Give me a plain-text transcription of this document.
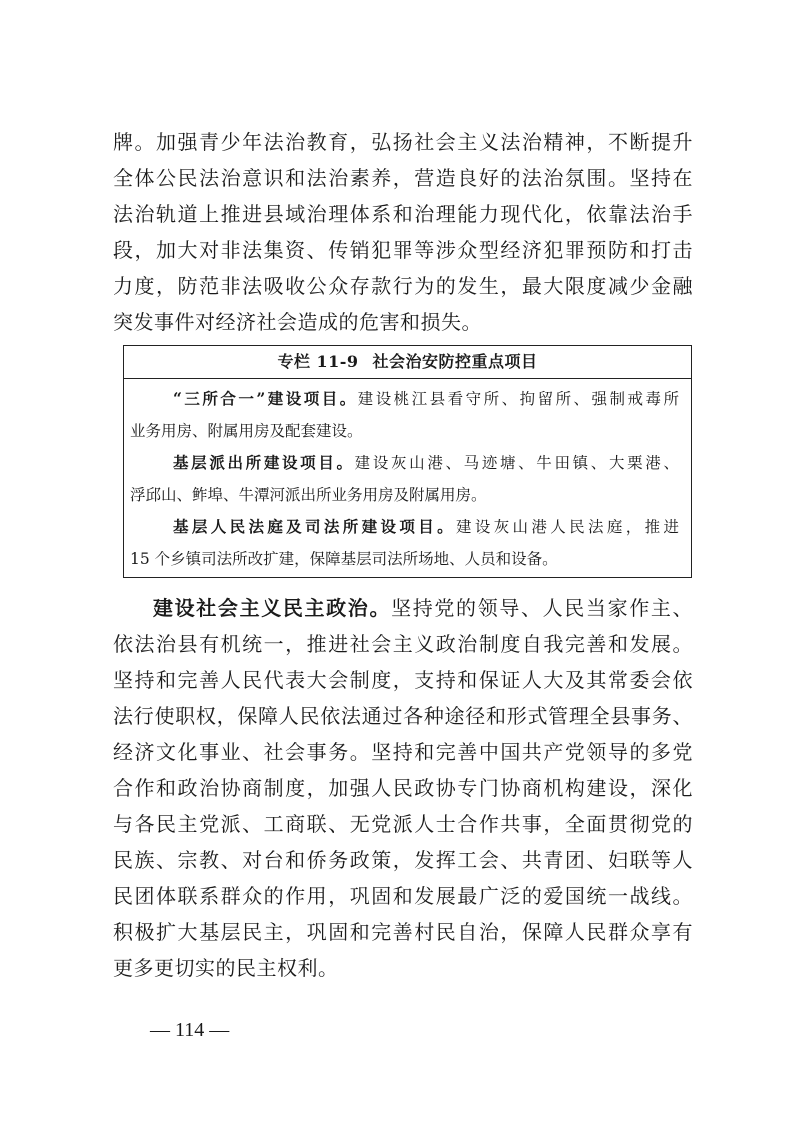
牌。加强青少年法治教育，弘扬社会主义法治精神，不断提升
全体公民法治意识和法治素养，营造良好的法治氛围。坚持在
法治轨道上推进县域治理体系和治理能力现代化，依靠法治手
段，加大对非法集资、传销犯罪等涉众型经济犯罪预防和打击
力度，防范非法吸收公众存款行为的发生，最大限度减少金融
突发事件对经济社会造成的危害和损失。
专栏 11-9 社会治安防控重点项目
“三所合一”建设项目。建设桃江县看守所、拘留所、强制戒毒所
业务用房、附属用房及配套建设。
基层派出所建设项目。建设灰山港、马迹塘、牛田镇、大栗港、
浮邱山、鲊埠、牛潭河派出所业务用房及附属用房。
基层人民法庭及司法所建设项目。建设灰山港人民法庭，推进
15 个乡镇司法所改扩建，保障基层司法所场地、人员和设备。
建设社会主义民主政治。坚持党的领导、人民当家作主、
依法治县有机统一，推进社会主义政治制度自我完善和发展。
坚持和完善人民代表大会制度，支持和保证人大及其常委会依
法行使职权，保障人民依法通过各种途径和形式管理全县事务、
经济文化事业、社会事务。坚持和完善中国共产党领导的多党
合作和政治协商制度，加强人民政协专门协商机构建设，深化
与各民主党派、工商联、无党派人士合作共事，全面贯彻党的
民族、宗教、对台和侨务政策，发挥工会、共青团、妇联等人
民团体联系群众的作用，巩固和发展最广泛的爱国统一战线。
积极扩大基层民主，巩固和完善村民自治，保障人民群众享有
更多更切实的民主权利。
— 114 —
